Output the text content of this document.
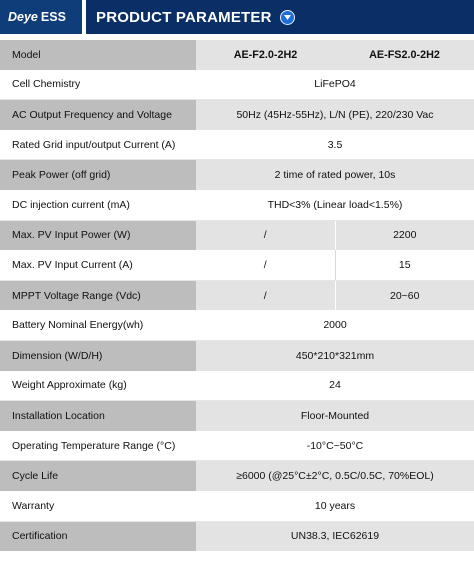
Deye ESS PRODUCT PARAMETER
Model	AE-F2.0-2H2	AE-FS2.0-2H2
Cell Chemistry	LiFePO4	
AC Output Frequency and Voltage	50Hz (45Hz-55Hz), L/N (PE), 220/230 Vac	
Rated Grid input/output Current (A)	3.5	
Peak Power (off grid)	2 time of rated power, 10s	
DC injection current (mA)	THD<3% (Linear load<1.5%)	
Max. PV Input Power (W)	/	2200
Max. PV Input Current (A)	/	15
MPPT Voltage Range (Vdc)	/	20~60
Battery Nominal Energy(wh)	2000	
Dimension (W/D/H)	450*210*321mm	
Weight Approximate (kg)	24	
Installation Location	Floor-Mounted	
Operating Temperature Range (°C)	-10°C~50°C	
Cycle Life	≥6000 (@25°C±2°C, 0.5C/0.5C, 70%EOL)	
Warranty	10 years	
Certification	UN38.3, IEC62619	
